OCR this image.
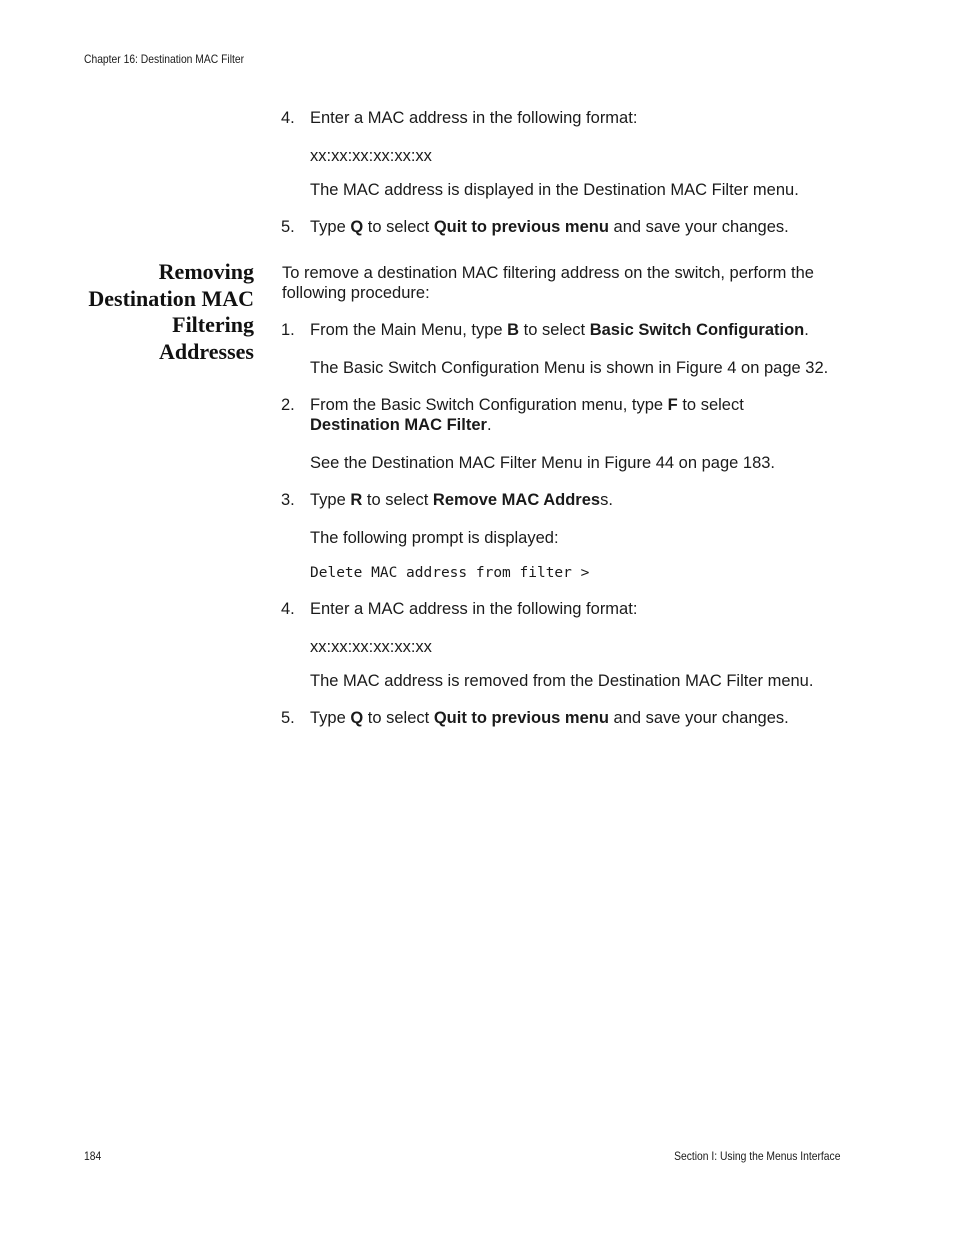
Chapter 16: Destination MAC Filter
4. Enter a MAC address in the following format:
xx:xx:xx:xx:xx:xx
The MAC address is displayed in the Destination MAC Filter menu.
5. Type Q to select Quit to previous menu and save your changes.
Removing
Destination MAC
Filtering
Addresses
To remove a destination MAC filtering address on the switch, perform the following procedure:
1. From the Main Menu, type B to select Basic Switch Configuration.
The Basic Switch Configuration Menu is shown in Figure 4 on page 32.
2. From the Basic Switch Configuration menu, type F to select Destination MAC Filter.
See the Destination MAC Filter Menu in Figure 44 on page 183.
3. Type R to select Remove MAC Address.
The following prompt is displayed:
Delete MAC address from filter >
4. Enter a MAC address in the following format:
xx:xx:xx:xx:xx:xx
The MAC address is removed from the Destination MAC Filter menu.
5. Type Q to select Quit to previous menu and save your changes.
184	Section I: Using the Menus Interface
